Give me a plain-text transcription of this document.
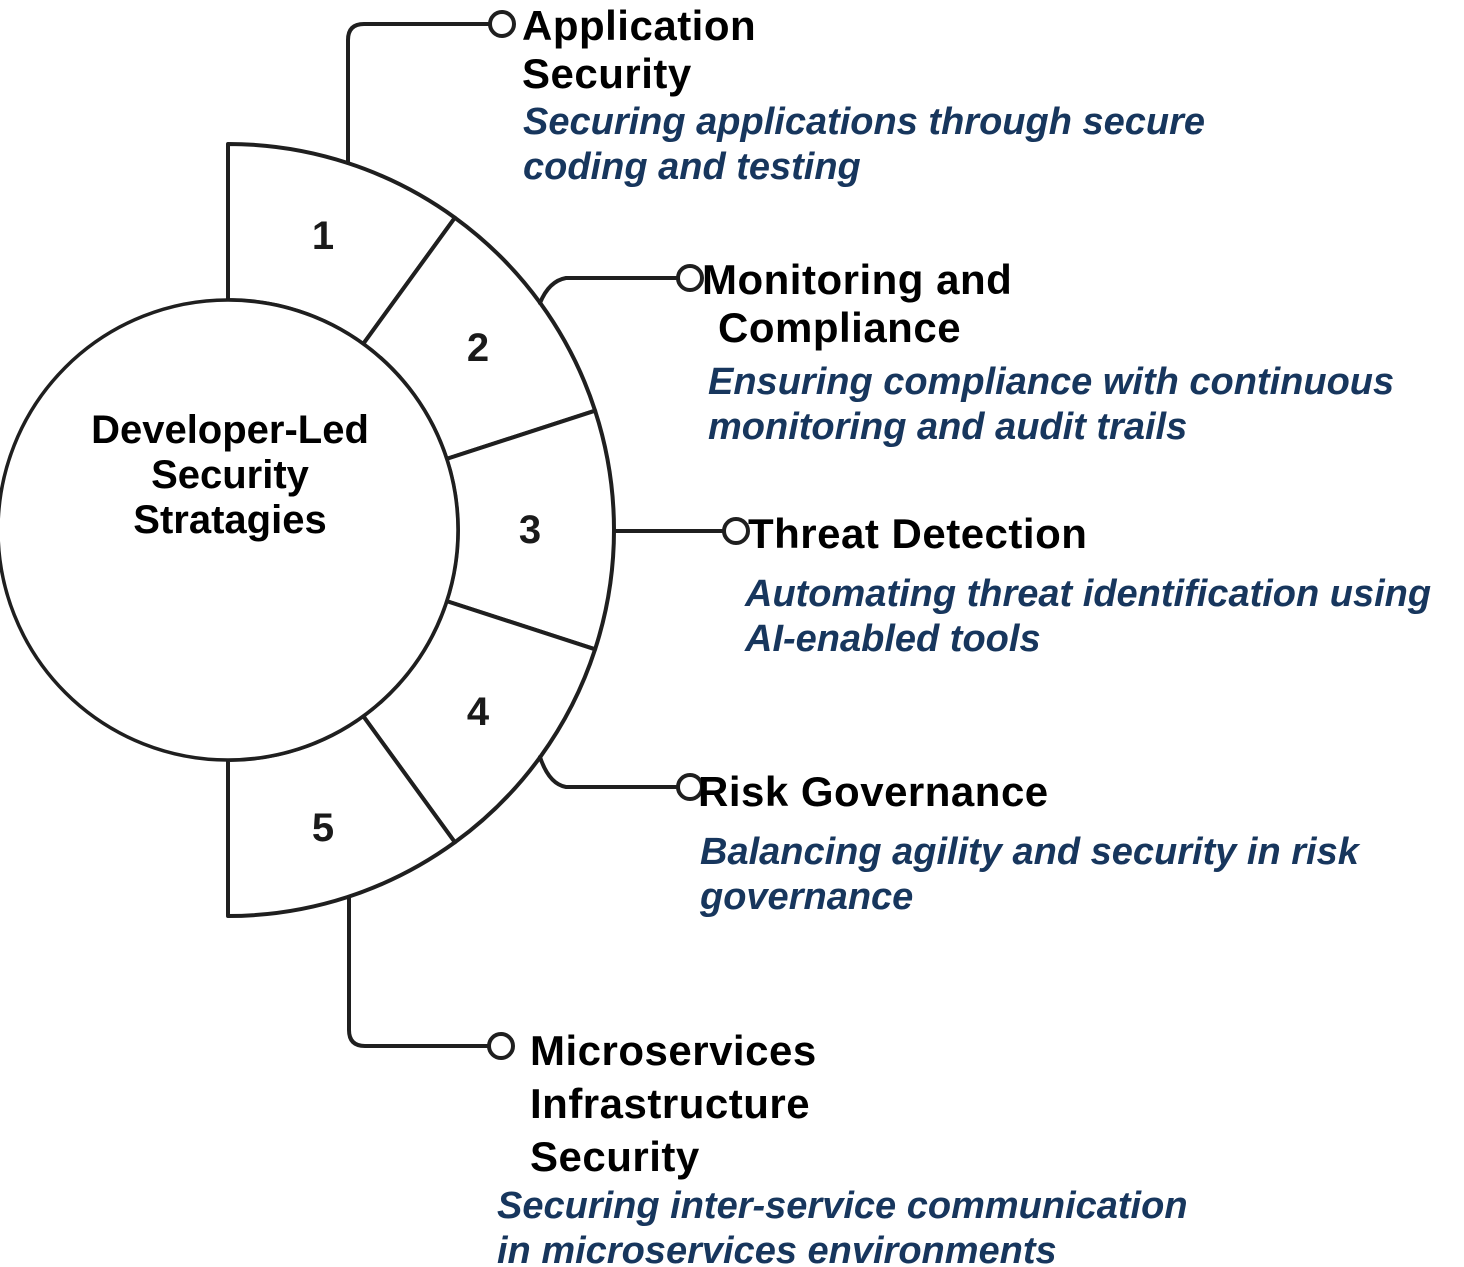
1
2
3
4
5
Developer-Led
Security
Stratagies
Application
Security
Securing applications through secure
coding and testing
Monitoring and
Compliance
Ensuring compliance with continuous
monitoring and audit trails
Threat Detection
Automating threat identification using
AI-enabled tools
Risk Governance
Balancing agility and security in risk
governance
Microservices
Infrastructure
Security
Securing inter-service communication
in microservices environments
